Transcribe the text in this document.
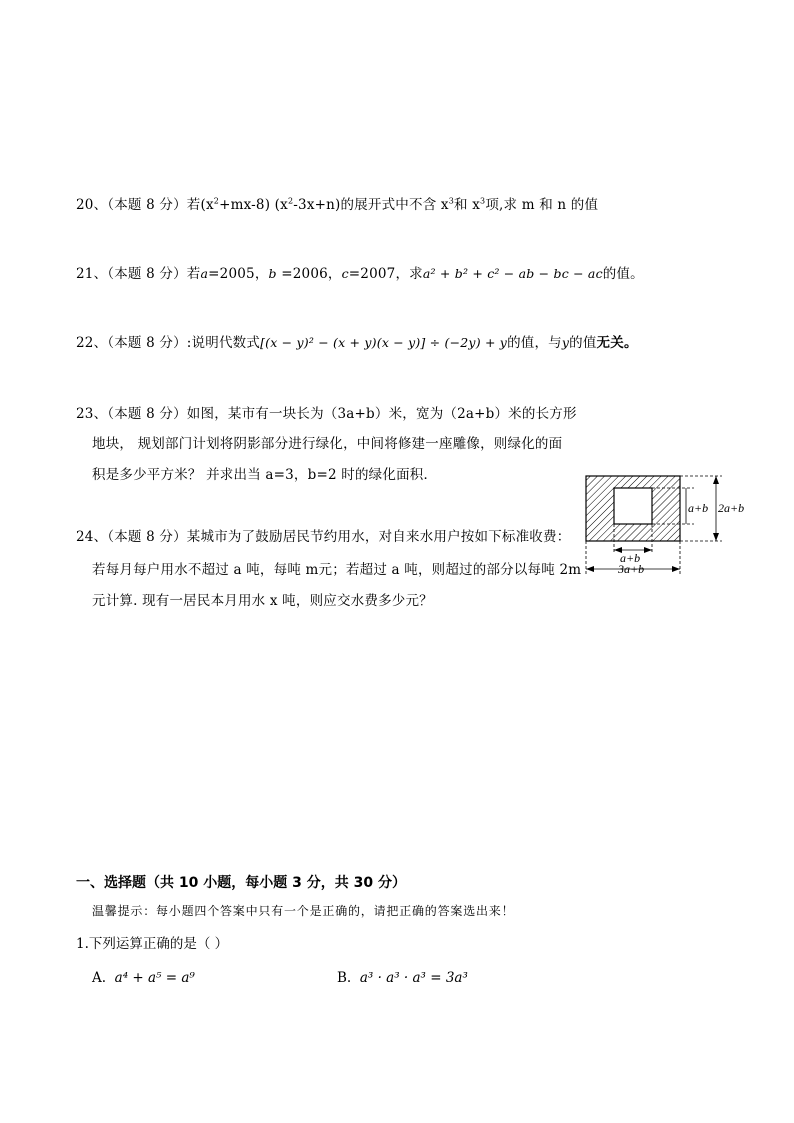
20、（本题 8 分）若$(x^2+mx-8)$ $(x^2-3x+n)$的展开式中不含 $x^3$和 $x^3$项,求 m 和 n 的值
21、（本题 8 分）若a=2005，b =2006，c=2007，求a² + b² + c² − ab − bc − ac的值。
22、（本题 8 分）:说明代数式[(x − y)² − (x + y)(x − y)] ÷ (−2y) + y的值，与y的值无关。
23、（本题 8 分）如图，某市有一块长为（3a+b）米，宽为（2a+b）米的长方形
地块， 规划部门计划将阴影部分进行绿化，中间将修建一座雕像，则绿化的面
积是多少平方米？ 并求出当 a=3，b=2 时的绿化面积．
a+b 2a+b
a+b
3a+b
24、（本题 8 分）某城市为了鼓励居民节约用水，对自来水用户按如下标准收费：
若每月每户用水不超过 a 吨，每吨 m元；若超过 a 吨，则超过的部分以每吨 2m
元计算. 现有一居民本月用水 x 吨，则应交水费多少元？
一、选择题（共 10 小题，每小题 3 分，共 30 分）
温馨提示：每小题四个答案中只有一个是正确的，请把正确的答案选出来！
1.下列运算正确的是（ ）
A. a⁴ + a⁵ = a⁹	B. a³ · a³ · a³ = 3a³
